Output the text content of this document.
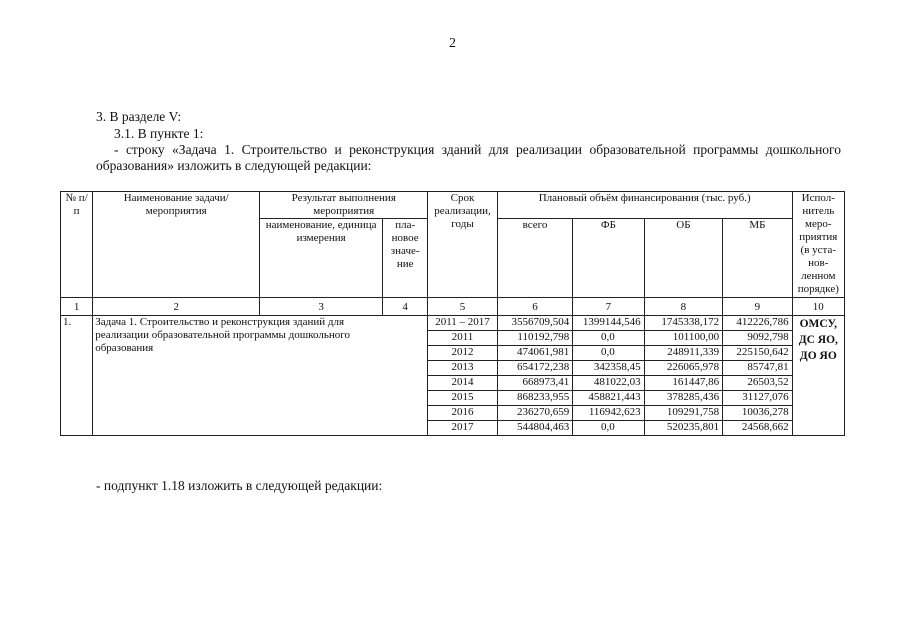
2
3. В разделе V:
3.1. В пункте 1:
- строку «Задача 1. Строительство и реконструкция зданий для реализации образовательной программы дошкольного образования» изложить в следующей редакции:
№ п/п	Наименование задачи/мероприятия	Результат выполнения мероприятия		Срок реализации, годы	Плановый объём финансирования (тыс. руб.)				Испол-нитель меро-приятия (в уста-нов-ленном порядке)
		наименование, единица измерения	пла-новое значе-ние		всего	ФБ	ОБ	МБ	
1	2	3	4	5	6	7	8	9	10
1.	Задача 1. Строительство и реконструкция зданий для реализации образовательной программы дошкольного образования			2011 – 2017	3556709,504	1399144,546	1745338,172	412226,786	ОМСУ, ДС ЯО, ДО ЯО
				2011	110192,798	0,0	101100,00	9092,798	
				2012	474061,981	0,0	248911,339	225150,642	
				2013	654172,238	342358,45	226065,978	85747,81	
				2014	668973,41	481022,03	161447,86	26503,52	
				2015	868233,955	458821,443	378285,436	31127,076	
				2016	236270,659	116942,623	109291,758	10036,278	
				2017	544804,463	0,0	520235,801	24568,662	
- подпункт 1.18 изложить в следующей редакции:
